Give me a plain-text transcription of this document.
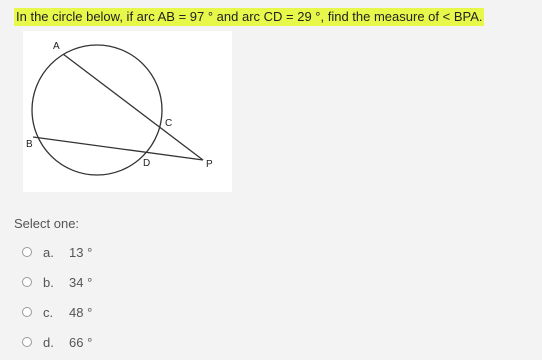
In the circle below, if arc AB = 97 ° and arc CD = 29 °, find the measure of < BPA.
A
B
C
D	P
Select one:
a.	13 °
b.	34 °
c.	48 °
d.	66 °
